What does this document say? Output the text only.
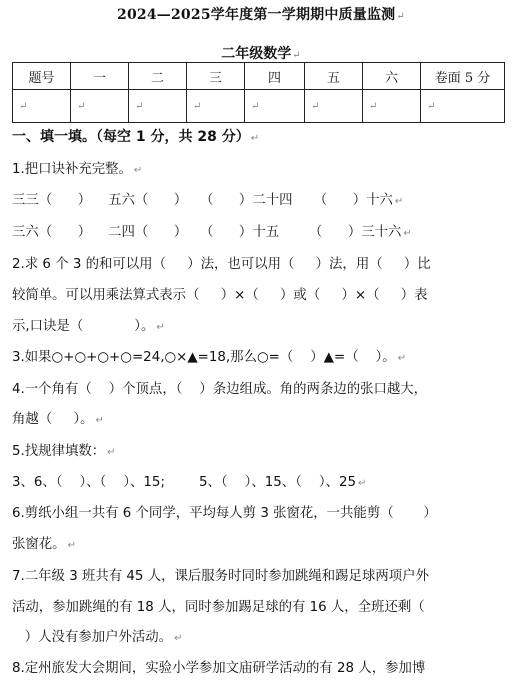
2024—2025学年度第一学期期中质量监测↵
二年级数学↵
题号	一	二	三	四	五	六	卷面 5 分

↵	↵	↵	↵	↵	↵	↵	↵
一、填一填。（每空 1 分，共 28 分）↵
1.把口诀补充完整。 ↵
三三（      ）    五六（      ）   （      ）二十四     （      ）十六 ↵
三六（      ）    二四（      ）   （      ）十五       （      ）三十六 ↵
2.求 6 个 3 的和可以用（     ）法，也可以用（     ）法，用（     ）比
较简单。可以用乘法算式表示（     ）×（     ）或（     ）×（     ）表
示,口诀是（            ）。 ↵
3.如果○+○+○+○=24,○×▲=18,那么○=（    ）▲=（    ）。 ↵
4.一个角有（    ）个顶点，（    ）条边组成。角的两条边的张口越大，
角越（     ）。 ↵
5.找规律填数： ↵
3、6、（    ）、（    ）、15;        5、（    ）、15、（    ）、25 ↵
6.剪纸小组一共有 6 个同学，平均每人剪 3 张窗花，一共能剪（       ）
张窗花。 ↵
7.二年级 3 班共有 45 人，课后服务时同时参加跳绳和踢足球两项户外
活动，参加跳绳的有 18 人，同时参加踢足球的有 16 人，全班还剩（
）人没有参加户外活动。 ↵
8.定州旅发大会期间，实验小学参加文庙研学活动的有 28 人，参加博
